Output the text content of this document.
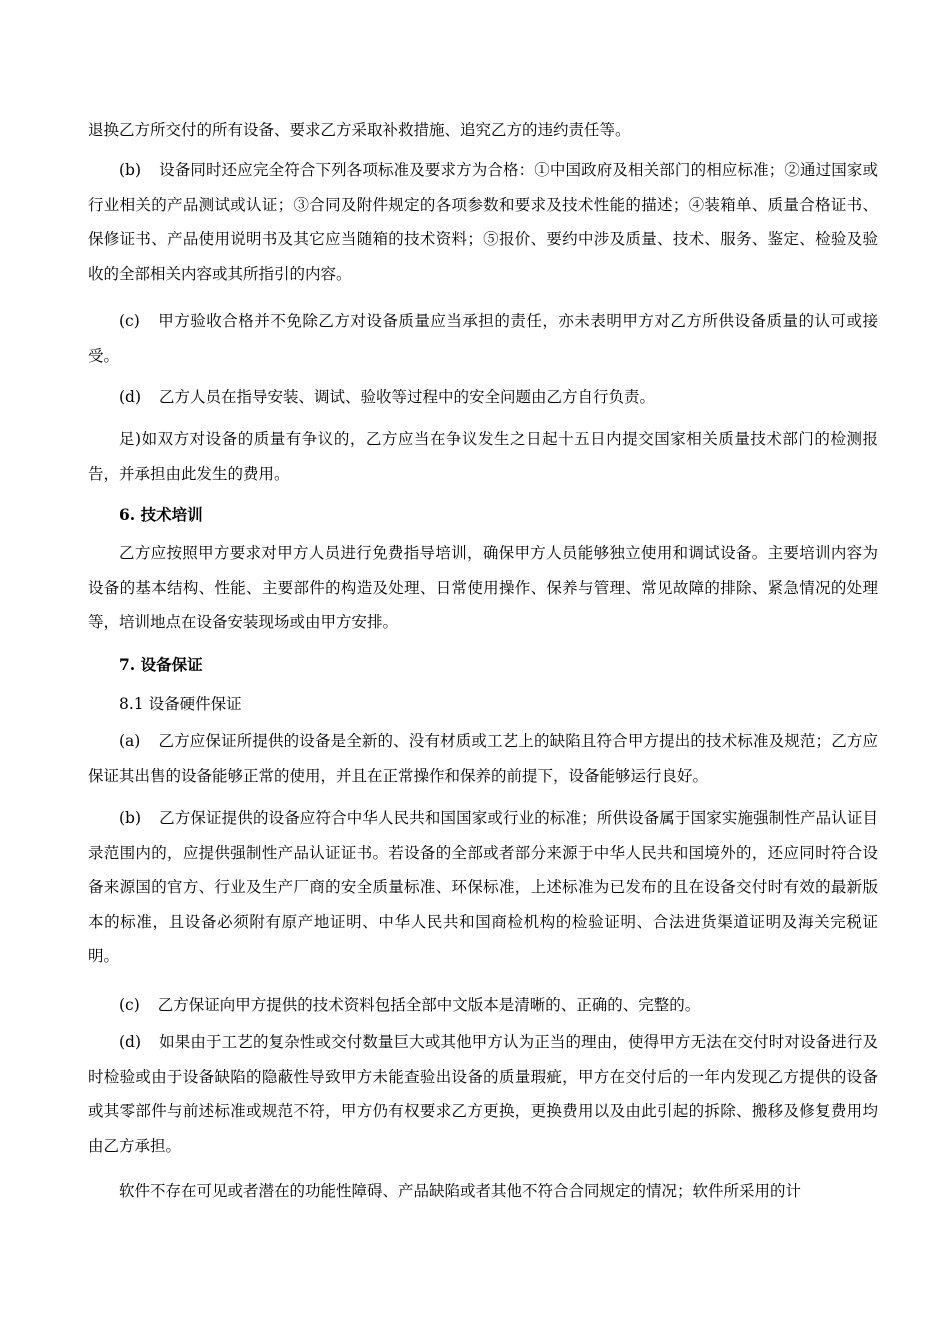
退换乙方所交付的所有设备、要求乙方采取补救措施、追究乙方的违约责任等。

(b) 设备同时还应完全符合下列各项标准及要求方为合格：①中国政府及相关部门的相应标准；②通过国家或行业相关的产品测试或认证；③合同及附件规定的各项参数和要求及技术性能的描述；④装箱单、质量合格证书、保修证书、产品使用说明书及其它应当随箱的技术资料；⑤报价、要约中涉及质量、技术、服务、鉴定、检验及验收的全部相关内容或其所指引的内容。

(c) 甲方验收合格并不免除乙方对设备质量应当承担的责任，亦未表明甲方对乙方所供设备质量的认可或接受。

(d) 乙方人员在指导安装、调试、验收等过程中的安全问题由乙方自行负责。

足)如双方对设备的质量有争议的，乙方应当在争议发生之日起十五日内提交国家相关质量技术部门的检测报告，并承担由此发生的费用。

6. 技术培训

乙方应按照甲方要求对甲方人员进行免费指导培训，确保甲方人员能够独立使用和调试设备。主要培训内容为设备的基本结构、性能、主要部件的构造及处理、日常使用操作、保养与管理、常见故障的排除、紧急情况的处理等，培训地点在设备安装现场或由甲方安排。

7. 设备保证

8.1 设备硬件保证

(a) 乙方应保证所提供的设备是全新的、没有材质或工艺上的缺陷且符合甲方提出的技术标准及规范；乙方应保证其出售的设备能够正常的使用，并且在正常操作和保养的前提下，设备能够运行良好。

(b) 乙方保证提供的设备应符合中华人民共和国国家或行业的标准；所供设备属于国家实施强制性产品认证目录范围内的，应提供强制性产品认证证书。若设备的全部或者部分来源于中华人民共和国境外的，还应同时符合设备来源国的官方、行业及生产厂商的安全质量标准、环保标准，上述标准为已发布的且在设备交付时有效的最新版本的标准，且设备必须附有原产地证明、中华人民共和国商检机构的检验证明、合法进货渠道证明及海关完税证明。

(c) 乙方保证向甲方提供的技术资料包括全部中文版本是清晰的、正确的、完整的。

(d) 如果由于工艺的复杂性或交付数量巨大或其他甲方认为正当的理由，使得甲方无法在交付时对设备进行及时检验或由于设备缺陷的隐蔽性导致甲方未能查验出设备的质量瑕疵，甲方在交付后的一年内发现乙方提供的设备或其零部件与前述标准或规范不符，甲方仍有权要求乙方更换，更换费用以及由此引起的拆除、搬移及修复费用均由乙方承担。

软件不存在可见或者潜在的功能性障碍、产品缺陷或者其他不符合合同规定的情况；软件所采用的计
